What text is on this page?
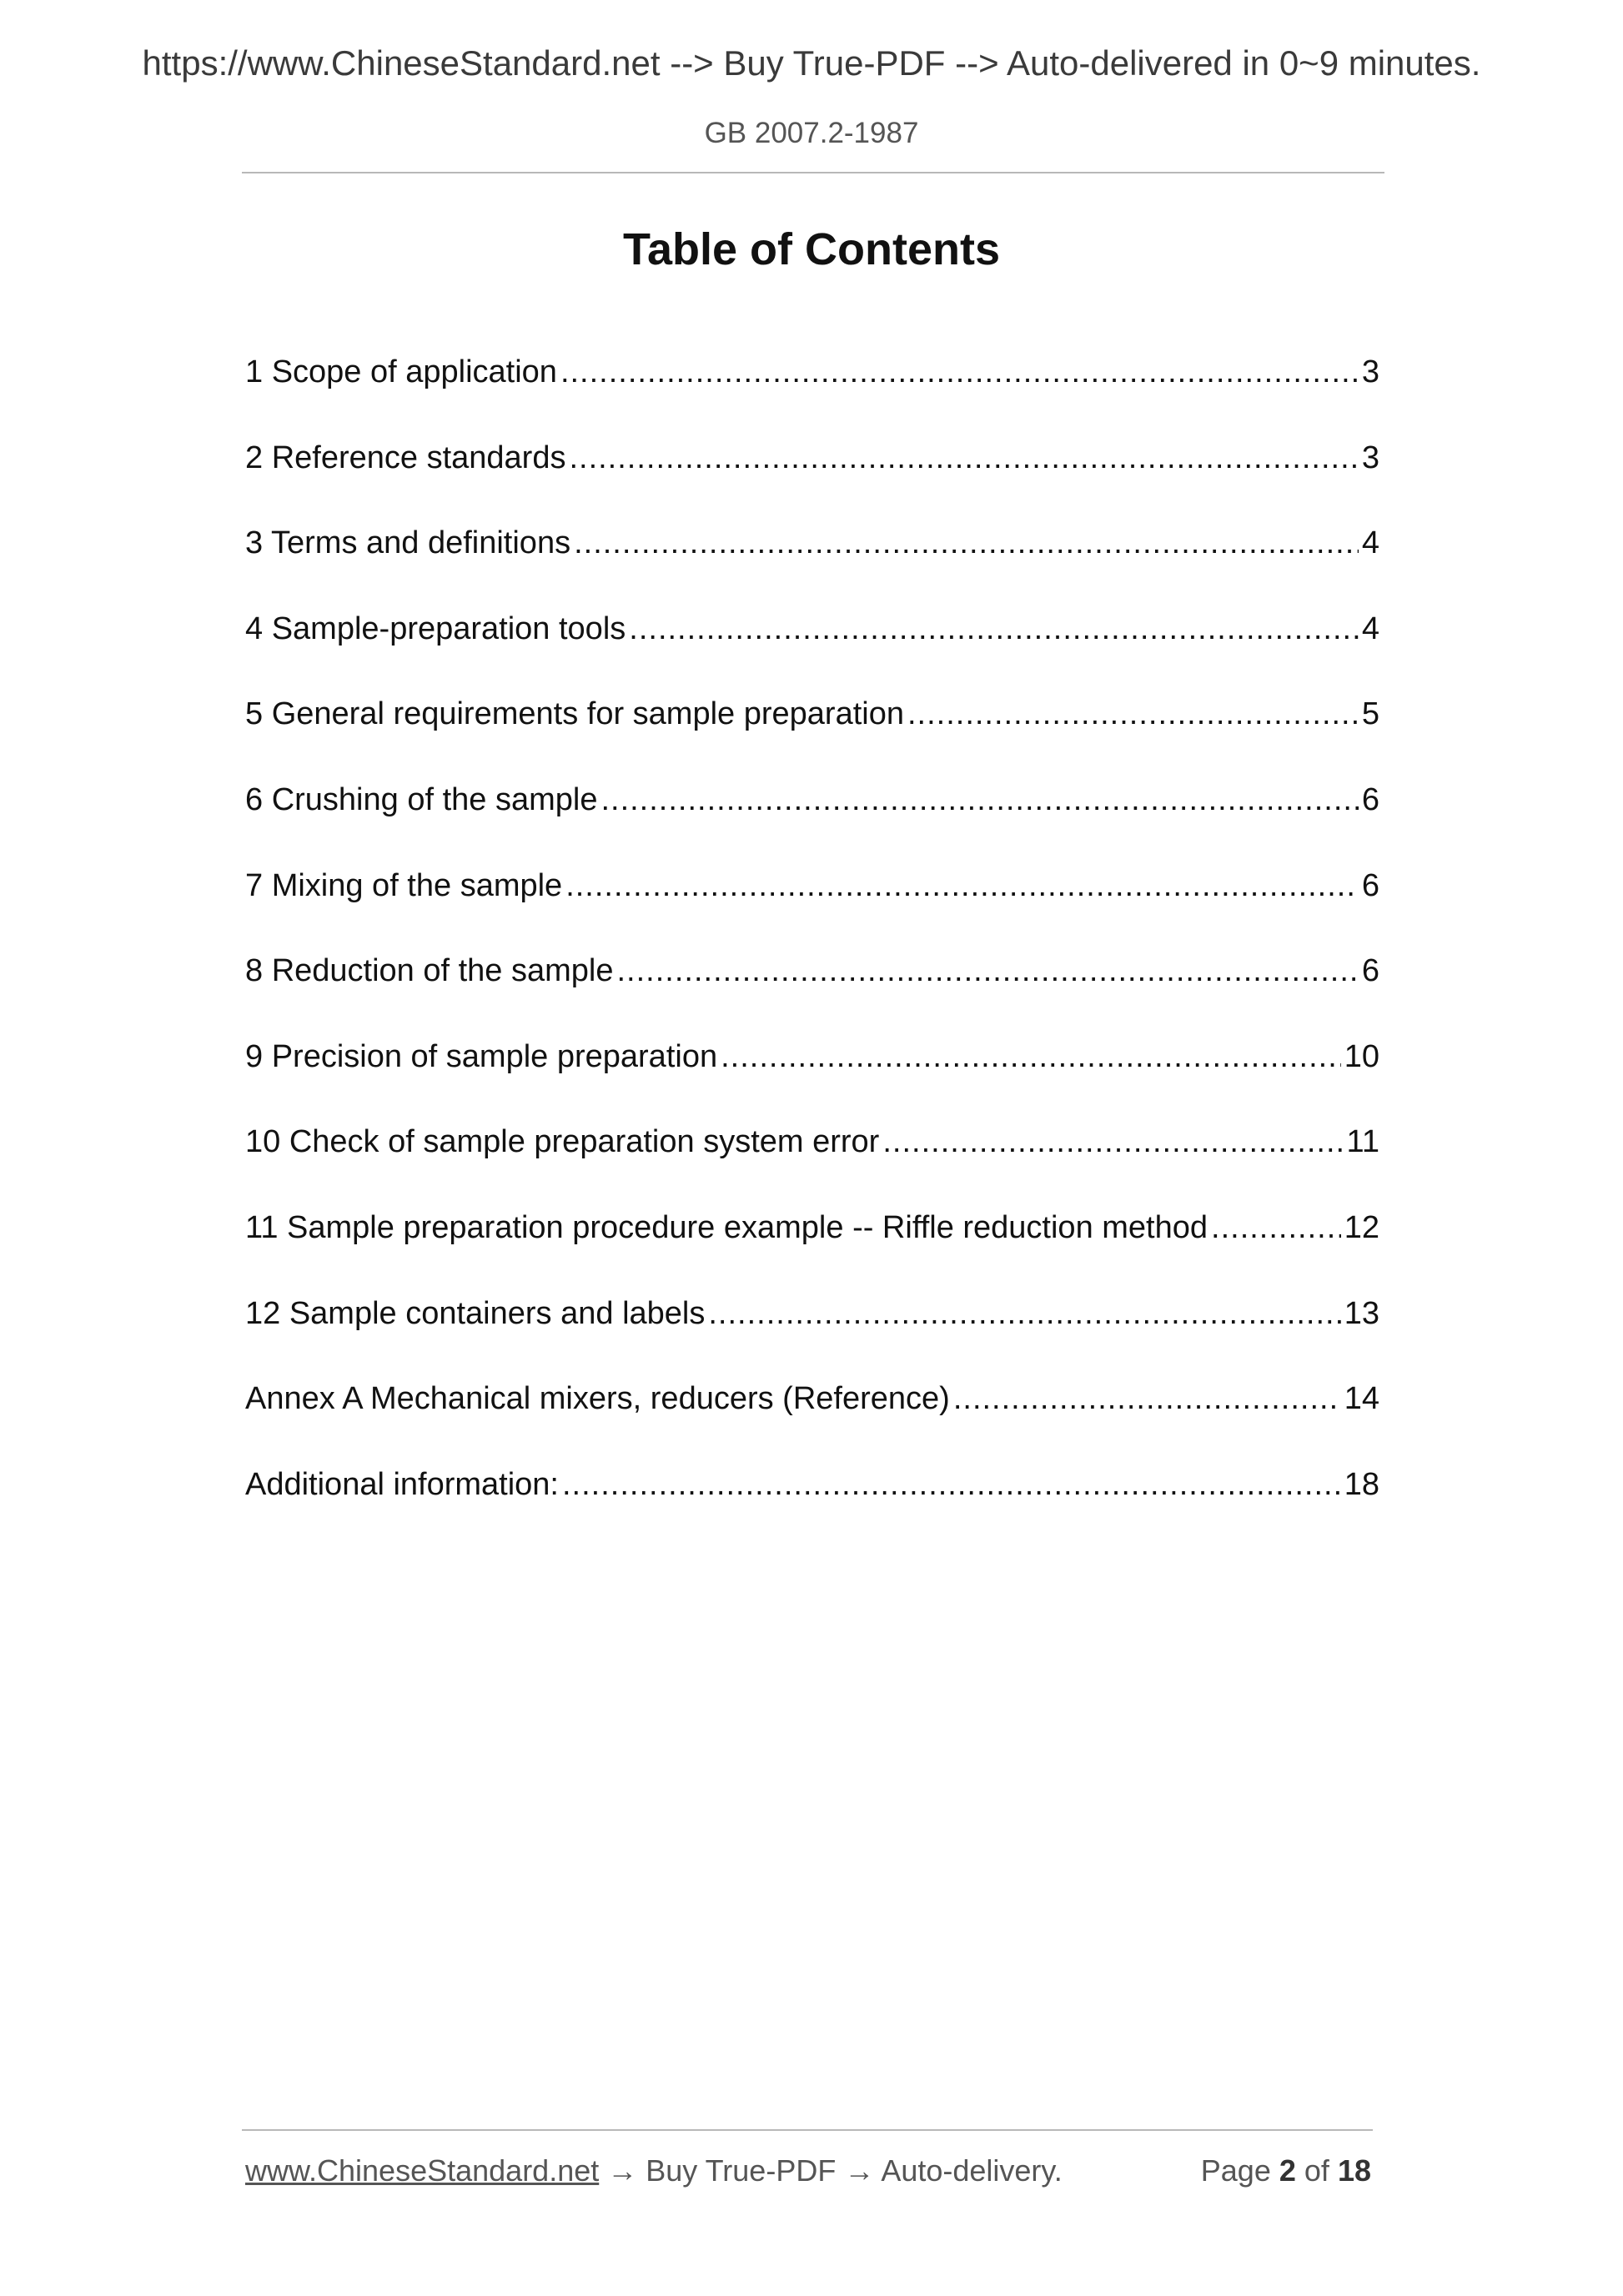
https://www.ChineseStandard.net --> Buy True-PDF --> Auto-delivered in 0~9 minutes.
GB 2007.2-1987
Table of Contents
1 Scope of application .....	3
2 Reference standards .....	3
3 Terms and definitions .....	4
4 Sample-preparation tools .....	4
5 General requirements for sample preparation .....	5
6 Crushing of the sample .....	6
7 Mixing of the sample .....	6
8 Reduction of the sample .....	6
9 Precision of sample preparation .....	10
10 Check of sample preparation system error .....	11
11 Sample preparation procedure example -- Riffle reduction method .....	12
12 Sample containers and labels .....	13
Annex A Mechanical mixers, reducers (Reference) .....	14
Additional information: .....	18
www.ChineseStandard.net → Buy True-PDF → Auto-delivery.	Page 2 of 18
